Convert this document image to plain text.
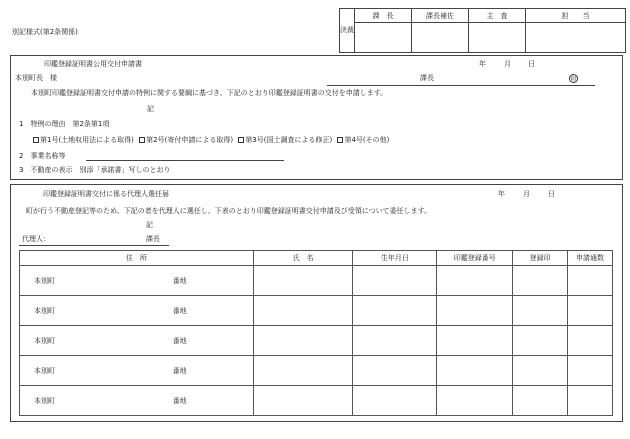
別記様式(第2条関係)	決裁	課　長	課長補佐	主　査	担　　当

印鑑登録証明書公用交付申請書	年	月 日
本別町長　様	課長	印
本別町印鑑登録証明書交付申請の特例に関する要綱に基づき、下記のとおり印鑑登録証明書の交付を申請します。
記
1　特例の理由　第2条第1項
第1号(土地収用法による取得) 第2号(寄付申請による取得) 第3号(国土調査による修正) 第4号(その他)
2　事業名称等
3　不動産の表示　別添「承諾書」写しのとおり
印鑑登録証明書交付に係る代理人選任届	年	月	日
町が行う不動産登記等のため、下記の者を代理人に選任し、下表のとおり印鑑登録証明書交付申請及び受領について委任します。
記
代理人：	課長
住　所	氏　名	生年月日	印鑑登録番号	登録印	申請通数

本別町 番地					

本別町 番地					

本別町 番地					

本別町 番地					

本別町 番地					
